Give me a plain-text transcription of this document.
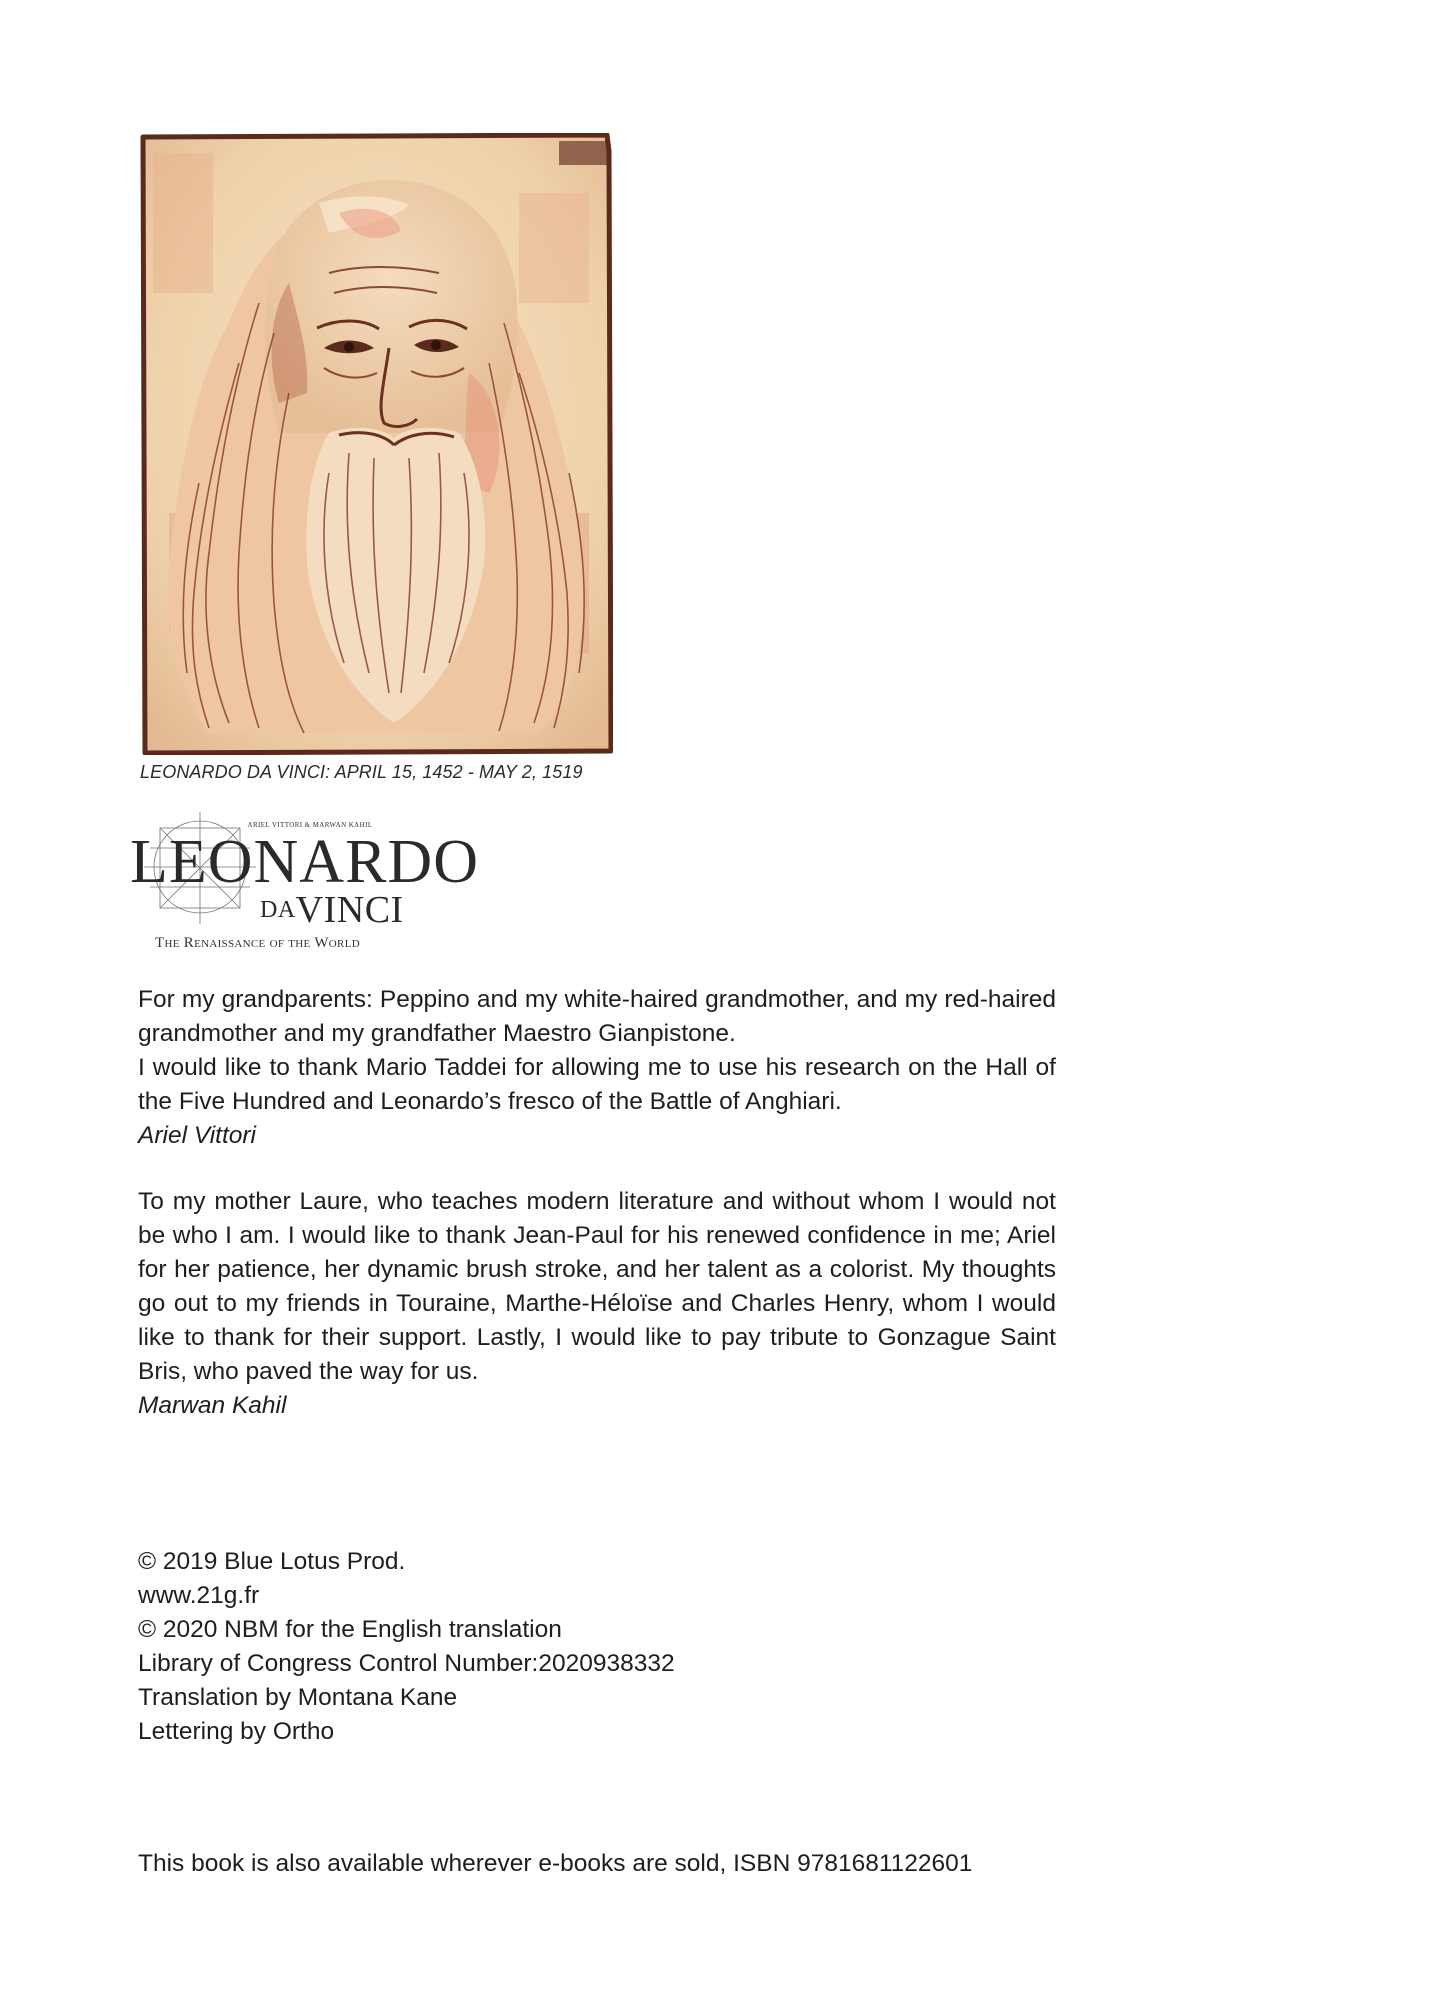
LEONARDO DA VINCI: APRIL 15, 1452 - MAY 2, 1519
ARIEL VITTORI & MARWAN KAHIL
LEONARDO
$^{DA}$VINCI
The Renaissance of the World
For my grandparents: Peppino and my white-haired grandmother, and my red-haired grandmother and my grandfather Maestro Gianpistone.
I would like to thank Mario Taddei for allowing me to use his research on the Hall of the Five Hundred and Leonardo’s fresco of the Battle of Anghiari.
Ariel Vittori
To my mother Laure, who teaches modern literature and without whom I would not be who I am. I would like to thank Jean-Paul for his renewed confidence in me; Ariel for her patience, her dynamic brush stroke, and her talent as a colorist. My thoughts go out to my friends in Touraine, Marthe-Héloïse and Charles Henry, whom I would like to thank for their support. Lastly, I would like to pay tribute to Gonzague Saint Bris, who paved the way for us.
Marwan Kahil
© 2019 Blue Lotus Prod.
www.21g.fr
© 2020 NBM for the English translation
Library of Congress Control Number:2020938332
Translation by Montana Kane
Lettering by Ortho

This book is also available wherever e-books are sold, ISBN 9781681122601
